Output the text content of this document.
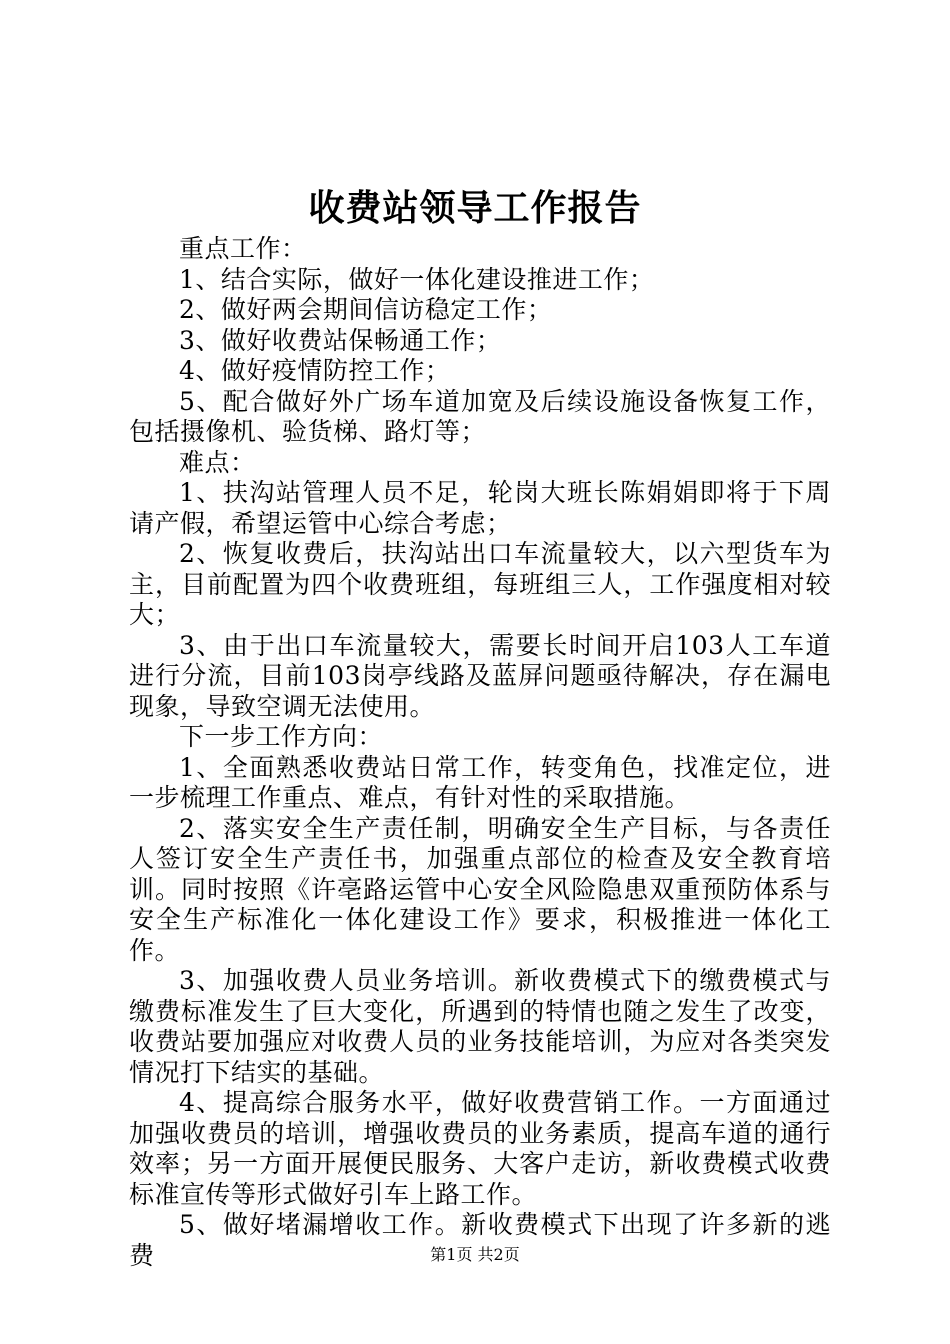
收费站领导工作报告

重点工作：

1、结合实际，做好一体化建设推进工作；

2、做好两会期间信访稳定工作；

3、做好收费站保畅通工作；

4、做好疫情防控工作；

5、配合做好外广场车道加宽及后续设施设备恢复工作，包括摄像机、验货梯、路灯等；

难点：

1、扶沟站管理人员不足，轮岗大班长陈娟娟即将于下周请产假，希望运管中心综合考虑；

2、恢复收费后，扶沟站出口车流量较大，以六型货车为主，目前配置为四个收费班组，每班组三人，工作强度相对较大；

3、由于出口车流量较大，需要长时间开启103人工车道进行分流，目前103岗亭线路及蓝屏问题亟待解决，存在漏电现象，导致空调无法使用。

下一步工作方向：

1、全面熟悉收费站日常工作，转变角色，找准定位，进一步梳理工作重点、难点，有针对性的采取措施。

2、落实安全生产责任制，明确安全生产目标，与各责任人签订安全生产责任书，加强重点部位的检查及安全教育培训。同时按照《许亳路运管中心安全风险隐患双重预防体系与安全生产标准化一体化建设工作》要求，积极推进一体化工作。

3、加强收费人员业务培训。新收费模式下的缴费模式与缴费标准发生了巨大变化，所遇到的特情也随之发生了改变，收费站要加强应对收费人员的业务技能培训，为应对各类突发情况打下结实的基础。

4、提高综合服务水平，做好收费营销工作。一方面通过加强收费员的培训，增强收费员的业务素质，提高车道的通行效率；另一方面开展便民服务、大客户走访，新收费模式收费标准宣传等形式做好引车上路工作。

5、做好堵漏增收工作。新收费模式下出现了许多新的逃费	第1页 共2页
